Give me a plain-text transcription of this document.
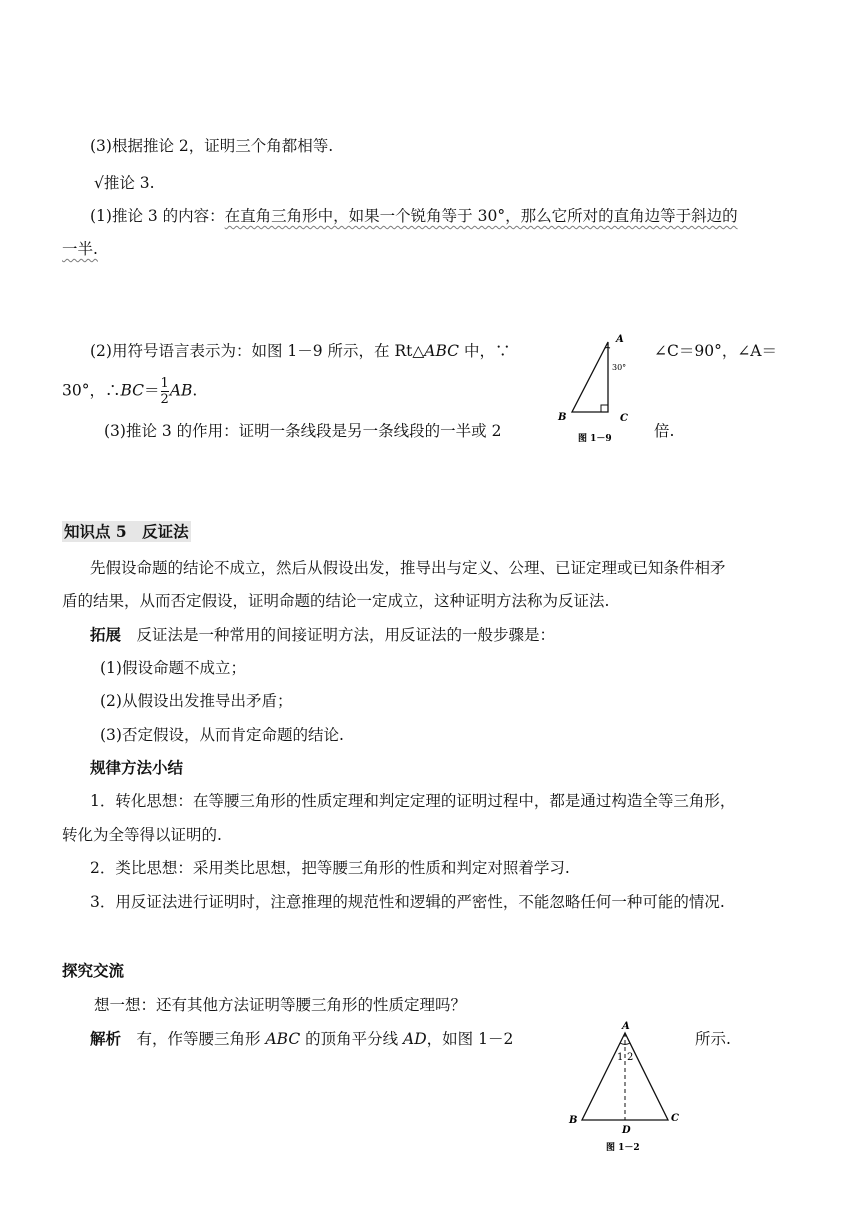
(3)根据推论 2，证明三个角都相等.
√推论 3.
(1)推论 3 的内容：在直角三角形中，如果一个锐角等于 30°，那么它所对的直角边等于斜边的
一半.
(2)用符号语言表示为：如图 1－9 所示，在 Rt△ABC 中，∵	∠C＝90°，∠A＝
30°，∴BC＝ $\frac{1}{2}$ AB.
(3)推论 3 的作用：证明一条线段是另一条线段的一半或 2	倍.
A
30°
B	C
图 1－9
知识点 5　反证法
先假设命题的结论不成立，然后从假设出发，推导出与定义、公理、已证定理或已知条件相矛
盾的结果，从而否定假设，证明命题的结论一定成立，这种证明方法称为反证法.
拓展　反证法是一种常用的间接证明方法，用反证法的一般步骤是：
(1)假设命题不成立；
(2)从假设出发推导出矛盾；
(3)否定假设，从而肯定命题的结论.
规律方法小结
1．转化思想：在等腰三角形的性质定理和判定定理的证明过程中，都是通过构造全等三角形，
转化为全等得以证明的.
2．类比思想：采用类比思想，把等腰三角形的性质和判定对照着学习.
3．用反证法进行证明时，注意推理的规范性和逻辑的严密性，不能忽略任何一种可能的情况.
探究交流
想一想：还有其他方法证明等腰三角形的性质定理吗？
解析　有，作等腰三角形 ABC 的顶角平分线 AD，如图 1－2	所示.
A
1 2
B	C
D
图 1－2
